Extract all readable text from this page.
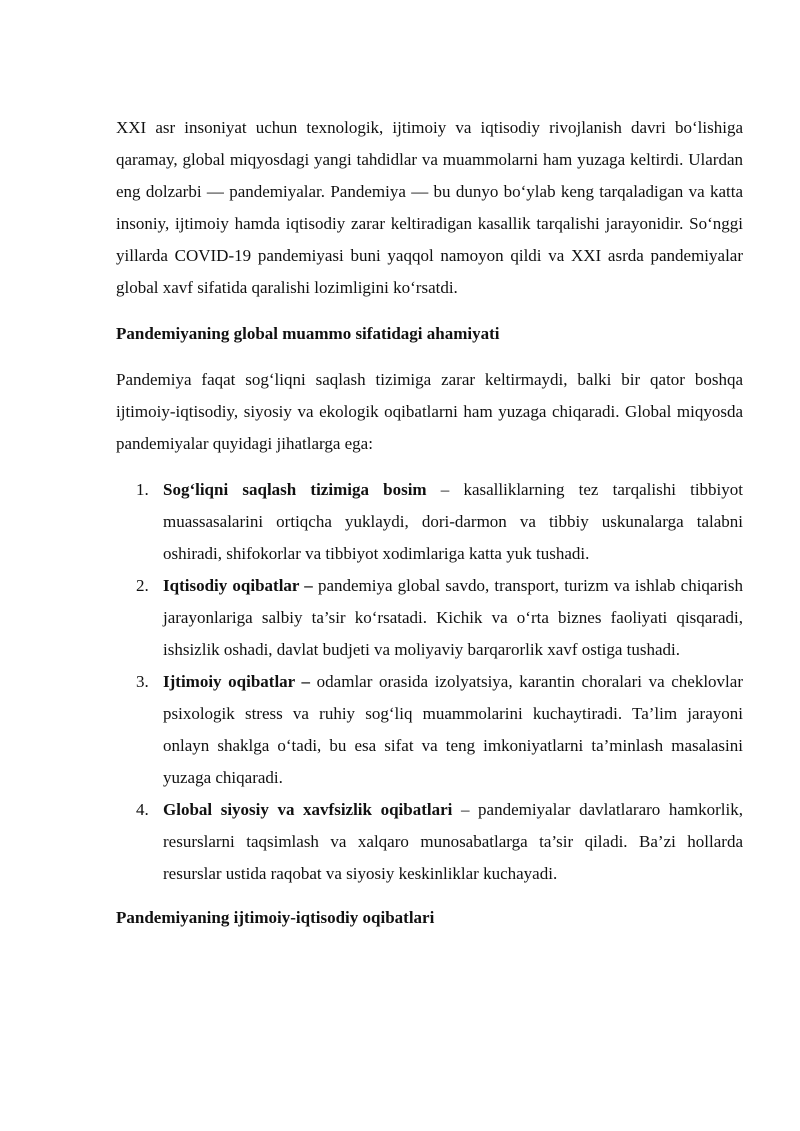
XXI asr insoniyat uchun texnologik, ijtimoiy va iqtisodiy rivojlanish davri bo‘lishiga qaramay, global miqyosdagi yangi tahdidlar va muammolarni ham yuzaga keltirdi. Ulardan eng dolzarbi — pandemiyalar. Pandemiya — bu dunyo bo‘ylab keng tarqaladigan va katta insoniy, ijtimoiy hamda iqtisodiy zarar keltiradigan kasallik tarqalishi jarayonidir. So‘nggi yillarda COVID-19 pandemiyasi buni yaqqol namoyon qildi va XXI asrda pandemiyalar global xavf sifatida qaralishi lozimligini ko‘rsatdi.

Pandemiyaning global muammo sifatidagi ahamiyati

Pandemiya faqat sog‘liqni saqlash tizimiga zarar keltirmaydi, balki bir qator boshqa ijtimoiy-iqtisodiy, siyosiy va ekologik oqibatlarni ham yuzaga chiqaradi. Global miqyosda pandemiyalar quyidagi jihatlarga ega:

1. Sog‘liqni saqlash tizimiga bosim – kasalliklarning tez tarqalishi tibbiyot muassasalarini ortiqcha yuklaydi, dori-darmon va tibbiy uskunalarga talabni oshiradi, shifokorlar va tibbiyot xodimlariga katta yuk tushadi.
2. Iqtisodiy oqibatlar – pandemiya global savdo, transport, turizm va ishlab chiqarish jarayonlariga salbiy ta’sir ko‘rsatadi. Kichik va o‘rta biznes faoliyati qisqaradi, ishsizlik oshadi, davlat budjeti va moliyaviy barqarorlik xavf ostiga tushadi.
3. Ijtimoiy oqibatlar – odamlar orasida izolyatsiya, karantin choralari va cheklovlar psixologik stress va ruhiy sog‘liq muammolarini kuchaytiradi. Ta’lim jarayoni onlayn shaklga o‘tadi, bu esa sifat va teng imkoniyatlarni ta’minlash masalasini yuzaga chiqaradi.
4. Global siyosiy va xavfsizlik oqibatlari – pandemiyalar davlatlararo hamkorlik, resurslarni taqsimlash va xalqaro munosabatlarga ta’sir qiladi. Ba’zi hollarda resurslar ustida raqobat va siyosiy keskinliklar kuchayadi.
Pandemiyaning ijtimoiy-iqtisodiy oqibatlari
